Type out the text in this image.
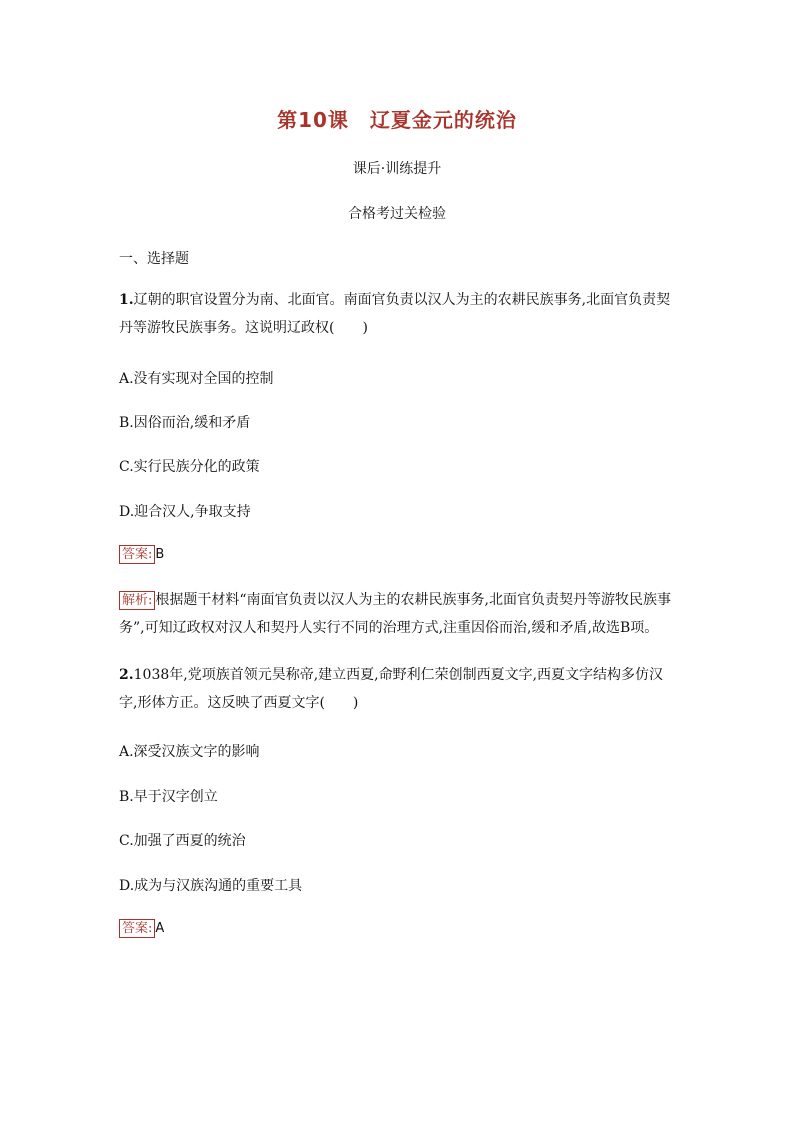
第10课　辽夏金元的统治
课后·训练提升
合格考过关检验
一、选择题
1.辽朝的职官设置分为南、北面官。南面官负责以汉人为主的农耕民族事务,北面官负责契丹等游牧民族事务。这说明辽政权(　　)
A.没有实现对全国的控制
B.因俗而治,缓和矛盾
C.实行民族分化的政策
D.迎合汉人,争取支持
答案: B
解析: 根据题干材料“南面官负责以汉人为主的农耕民族事务,北面官负责契丹等游牧民族事务”,可知辽政权对汉人和契丹人实行不同的治理方式,注重因俗而治,缓和矛盾,故选B项。
2.1038年,党项族首领元昊称帝,建立西夏,命野利仁荣创制西夏文字,西夏文字结构多仿汉字,形体方正。这反映了西夏文字(　　)
A.深受汉族文字的影响
B.早于汉字创立
C.加强了西夏的统治
D.成为与汉族沟通的重要工具
答案: A
